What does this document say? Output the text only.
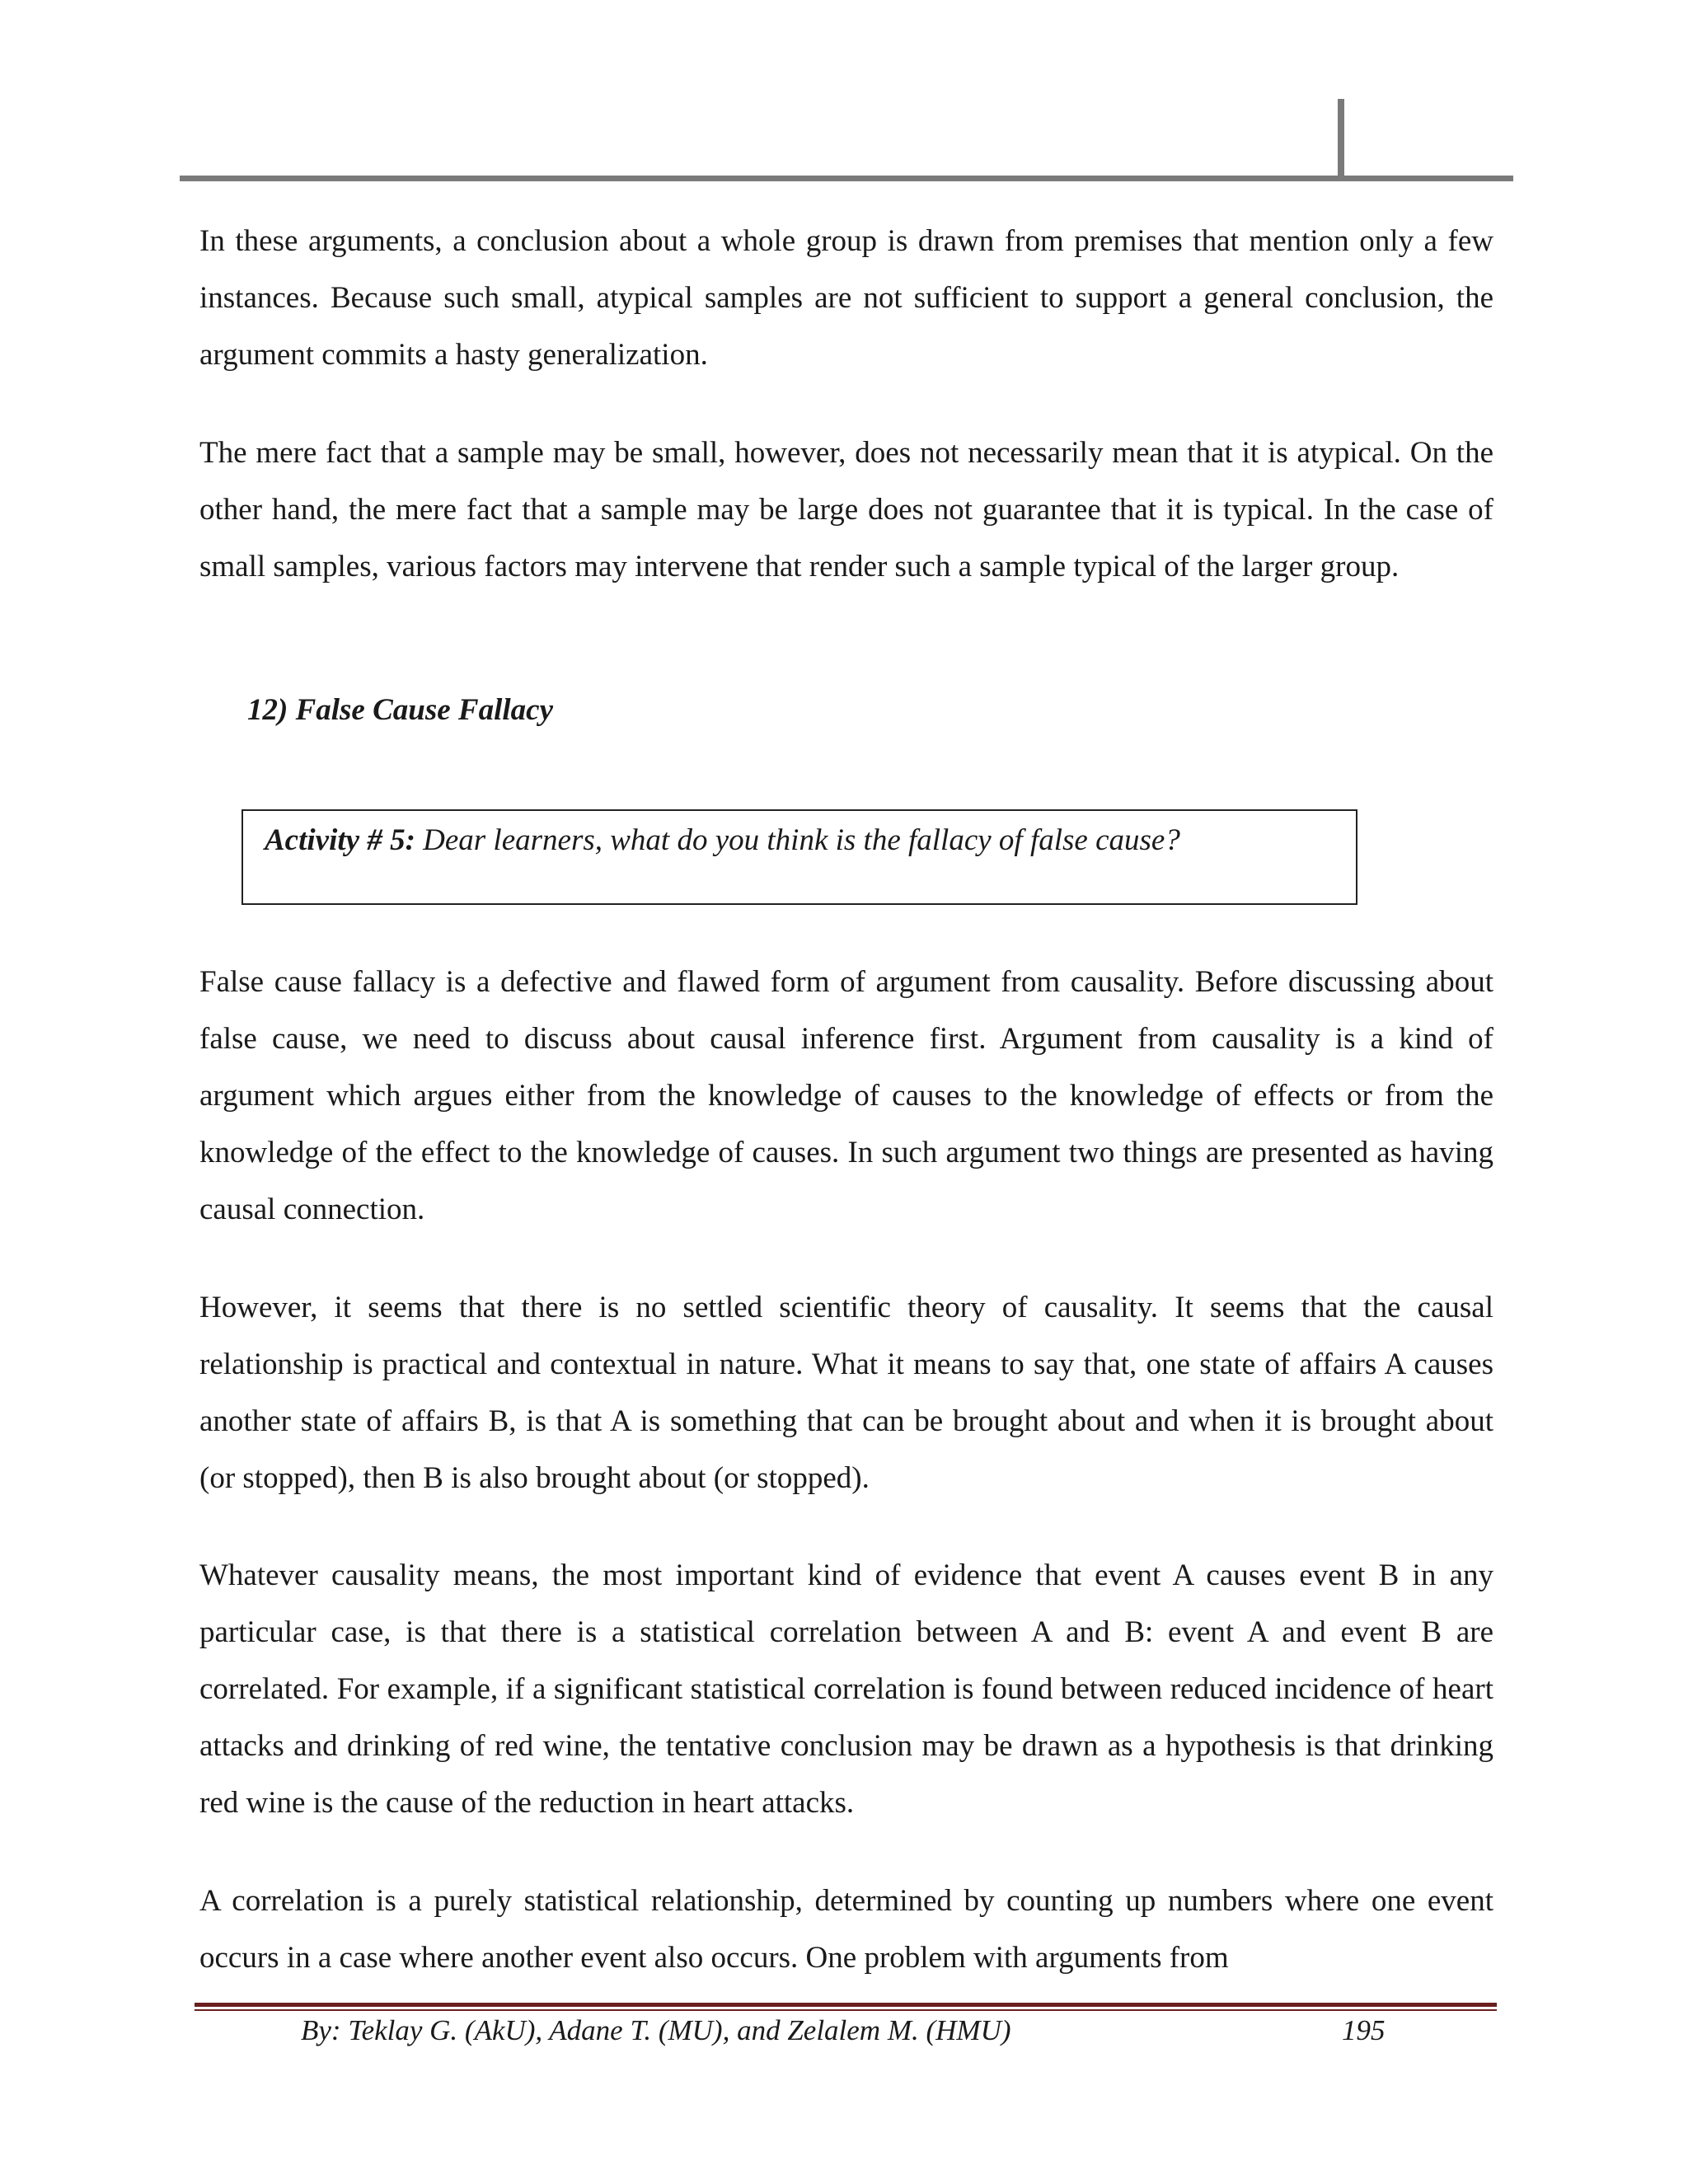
In these arguments, a conclusion about a whole group is drawn from premises that mention only a few instances. Because such small, atypical samples are not sufficient to support a general conclusion, the argument commits a hasty generalization.

The mere fact that a sample may be small, however, does not necessarily mean that it is atypical. On the other hand, the mere fact that a sample may be large does not guarantee that it is typical. In the case of small samples, various factors may intervene that render such a sample typical of the larger group.

12) False Cause Fallacy
Activity # 5: Dear learners, what do you think is the fallacy of false cause?

False cause fallacy is a defective and flawed form of argument from causality. Before discussing about false cause, we need to discuss about causal inference first. Argument from causality is a kind of argument which argues either from the knowledge of causes to the knowledge of effects or from the knowledge of the effect to the knowledge of causes. In such argument two things are presented as having causal connection.

However, it seems that there is no settled scientific theory of causality. It seems that the causal relationship is practical and contextual in nature. What it means to say that, one state of affairs A causes another state of affairs B, is that A is something that can be brought about and when it is brought about (or stopped), then B is also brought about (or stopped).

Whatever causality means, the most important kind of evidence that event A causes event B in any particular case, is that there is a statistical correlation between A and B: event A and event B are correlated. For example, if a significant statistical correlation is found between reduced incidence of heart attacks and drinking of red wine, the tentative conclusion may be drawn as a hypothesis is that drinking red wine is the cause of the reduction in heart attacks.

A correlation is a purely statistical relationship, determined by counting up numbers where one event occurs in a case where another event also occurs. One problem with arguments from

By: Teklay G. (AkU), Adane T. (MU), and Zelalem M. (HMU)	195
